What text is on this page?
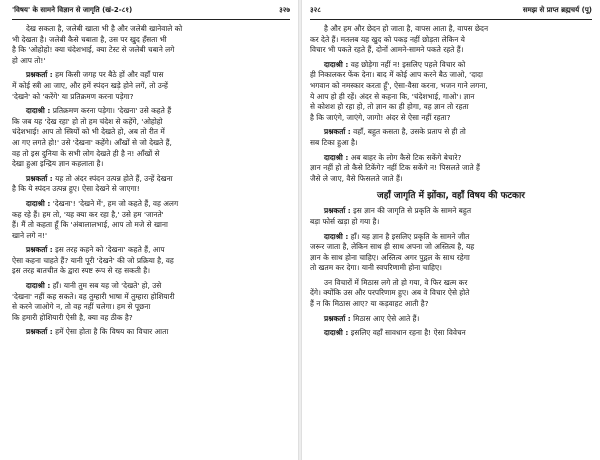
'विषय' के सामने विज्ञान से जागृति (खं-2-८१)	३२७
देख सकता है, जलेबी खाता भी है और जलेबी खानेवाले को
भी देखता है। जलेबी कैसे चबाता है, उस पर खुद हँसता भी
है कि 'ओहोहो! क्या चंदेशभाई, क्या टेस्ट से जलेबी चबाने लगे
हो आप तो!'
प्रश्नकर्ता : हम किसी जगह पर बैठे हों और वहाँ पास
में कोई स्त्री आ जाए, और हमें स्पंदन खड़े होने लगें, तो उन्हें
'देखने' को 'करेंगे' या प्रतिक्रमण करना पड़ेगा?
दादाश्री : प्रतिक्रमण करना पड़ेगा। 'देखना' उसे कहते हैं
कि जब यह 'देख रहा' हो तो हम चंदेश से कहेंगे, 'ओहोहो
चंदेशभाई! आप तो स्त्रियों को भी देखते हो, अब तो रीत में
आ गए लगते हो!' उसे 'देखना' कहेंगे। आँखों से जो देखते हैं,
वह तो इस दुनिया के सभी लोग देखते ही है न! आँखों से
देखा हुआ इन्द्रिय ज्ञान कहलाता है।
प्रश्नकर्ता : यह तो अंदर स्पंदन उत्पन्न होते हैं, उन्हें देखना
है कि ये स्पंदन उत्पन्न हुए। ऐसा देखने से जाएगा!
दादाश्री : 'देखना'! 'देखने में', हम जो कहते हैं, वह अलग
कह रहे हैं। हम तो, 'यह क्या कर रहा है,' उसे हम 'जानते'
हैं। मैं तो कहता हूँ कि 'अंबालालभाई, आप तो मजे से खाना
खाने लगे न!'
प्रश्नकर्ता : इस तरह कहने को 'देखना' कहते हैं, आप
ऐसा कहना चाहते हैं? यानी पूरी 'देखने' की जो प्रक्रिया है, वह
इस तरह बातचीत के द्वारा स्पष्ट रूप से रह सकती है।
दादाश्री : हाँ। यानी तुम सब यह जो 'देखते' हो, उसे
'देखना' नहीं कह सकते। वह तुम्हारी भाषा में तुम्हारा होशियारी
से करने जाओगे न, तो वह नहीं चलेगा। हम से पूछना
कि हमारी होशियारी ऐसी है, क्या वह ठीक है?
प्रश्नकर्ता : हमें ऐसा होता है कि विषय का विचार आता
३२८	समझ से प्राप्त ब्रह्मचर्य (पू)
है और हम और छेदन हो जाता है, वापस आता है, वापस छेदन
कर देते हैं। मतलब यह खुद को पकड़ नहीं छोड़ता लेकिन ये
विचार भी पकते रहते हैं, दोनों आमने-सामने पकते रहते हैं।
दादाश्री : वह छोड़ेगा नहीं न! इसलिए पहले विचार को
ही निकालकर फेंक देना। बाद में कोई आप करने बैठ जाओ, 'दादा
भगवान को नमस्कार करता हूँ', ऐसा-वैसा करना, भजन गाने लगना,
ये आप हो ही रहें। अंदर से कहना कि, 'चंदेशभाई, गाओ'। ज्ञान
से कोशश हो रहा हो, तो ज्ञान का ही होगा, वह ज्ञान तो रहता
है कि जाएंगे, जाएंगे, जागो! अंदर से ऐसा नहीं रहता?
प्रश्नकर्ता : वहाँ, बहुत कसता है, उसके प्रताप से ही तो
सब टिका हुआ है।
दादाश्री : अब बाहर के लोग कैसे टिक सकेंगे बेचारे?
ज्ञान नहीं हो तो कैसे टिकेंगे? नहीं टिक सकेंगे न! पिसलते जाते हैं
जैसे ले जाए, वैसे फिसलते जाते हैं।
जहाँ जागृति में झोंका, वहाँ विषय की फटकार
प्रश्नकर्ता : इस ज्ञान की जागृति से प्रकृति के सामने बहुत
बड़ा फोर्स खड़ा हो गया है।
दादाश्री : हाँ। यह ज्ञान है इसलिए प्रकृति के सामने जीत
जरूर जाता है, लेकिन साथ ही साथ अपना जो अस्तित्व है, यह
ज्ञान के साथ होना चाहिए। अस्तित्व अगर पुद्गल के साथ रहेगा
तो खतम कर देगा। यानी स्वपरिणामी होना चाहिए।
उन विचारों में मिठास लगे तो हो गया, वे फिर खत्म कर
देंगे। क्योंकि उस और परपरिणाम हुए। अब वे विचार ऐसे होते
हैं न कि मिठास आए? या कड़वाहट आती है?
प्रश्नकर्ता : मिठास आए ऐसे आते हैं।
दादाश्री : इसलिए वहाँ सावधान रहना है! ऐसा विवेचन
